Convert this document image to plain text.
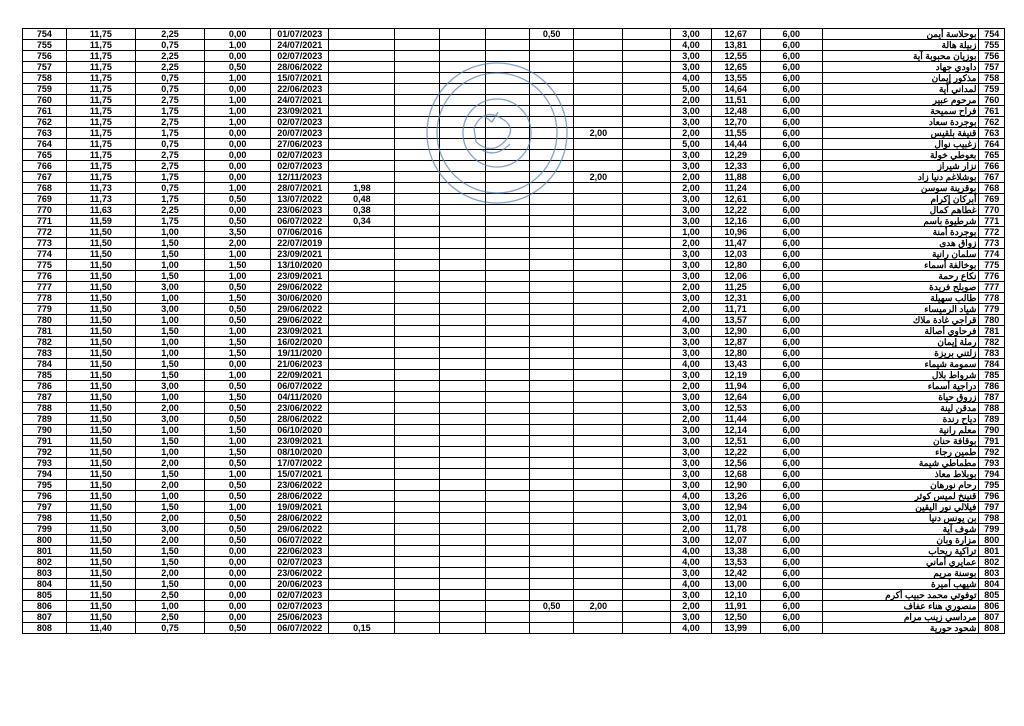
754	11,75	2,25	0,00	01/07/2023					0,50			3,00	12,67	6,00	بوحلاسة أيمن	754
755	11,75	0,75	1,00	24/07/2021								4,00	13,81	6,00	زبيلة هالة	755
756	11,75	2,25	0,00	02/07/2023								3,00	12,55	6,00	بوزيان محبوبة آية	756
757	11,75	2,25	0,50	28/06/2022								3,00	12,65	6,00	داودي جهاد	757
758	11,75	0,75	1,00	15/07/2021								4,00	13,55	6,00	مذكور إيمان	758
759	11,75	0,75	0,00	22/06/2023								5,00	14,64	6,00	لمداني آية	759
760	11,75	2,75	1,00	24/07/2021								2,00	11,51	6,00	مرحوم عبير	760
761	11,75	1,75	1,00	23/09/2021								3,00	12,48	6,00	فراح سميحة	761
762	11,75	2,75	1,00	02/07/2023								3,00	12,70	6,00	بوجردة سعاد	762
763	11,75	1,75	0,00	20/07/2023						2,00		2,00	11,55	6,00	قنيفة بلقيس	763
764	11,75	0,75	0,00	27/06/2023								5,00	14,44	6,00	زغبيب نوال	764
765	11,75	2,75	0,00	02/07/2023								3,00	12,29	6,00	بعوطي خولة	765
766	11,75	2,75	0,00	02/07/2023								3,00	12,33	6,00	نزار شيراز	766
767	11,75	1,75	0,00	12/11/2023						2,00		2,00	11,88	6,00	بوشلاغم دنيا زاد	767
768	11,73	0,75	1,00	28/07/2021	1,98							2,00	11,24	6,00	بوقرينة سوسن	768
769	11,73	1,75	0,50	13/07/2022	0,48							3,00	12,61	6,00	أبركان إكرام	769
770	11,63	2,25	0,00	23/06/2023	0,38							3,00	12,22	6,00	غطاهم كمال	770
771	11,59	1,75	0,50	06/07/2022	0,34							3,00	12,16	6,00	شرطيوة باسم	771
772	11,50	1,00	3,50	07/06/2016								1,00	10,96	6,00	بوجردة أمنة	772
773	11,50	1,50	2,00	22/07/2019								2,00	11,47	6,00	زواق هدى	773
774	11,50	1,50	1,00	23/09/2021								3,00	12,03	6,00	سلمان رانية	774
775	11,50	1,00	1,50	13/10/2020								3,00	12,80	6,00	بوخالفة أسماء	775
776	11,50	1,50	1,00	23/09/2021								3,00	12,06	6,00	نكاع رحمة	776
777	11,50	3,00	0,50	29/06/2022								2,00	11,25	6,00	صوبلح فريدة	777
778	11,50	1,00	1,50	30/06/2020								3,00	12,31	6,00	طالب سهيلة	778
779	11,50	3,00	0,50	29/06/2022								2,00	11,71	6,00	شياد الرميساء	779
780	11,50	1,00	0,50	29/06/2022								4,00	13,57	6,00	قراجي غادة ملاك	780
781	11,50	1,50	1,00	23/09/2021								3,00	12,90	6,00	فرحاوي أصالة	781
782	11,50	1,00	1,50	16/02/2020								3,00	12,87	6,00	رملة إيمان	782
783	11,50	1,00	1,50	19/11/2020								3,00	12,80	6,00	زلتني بريزة	783
784	11,50	1,50	0,00	21/06/2023								4,00	13,43	6,00	سمومة شيماء	784
785	11,50	1,50	1,00	22/09/2021								3,00	12,19	6,00	شرواط بلال	785
786	11,50	3,00	0,50	06/07/2022								2,00	11,94	6,00	دراجية أسماء	786
787	11,50	1,00	1,50	04/11/2020								3,00	12,64	6,00	زروق حياة	787
788	11,50	2,00	0,50	23/06/2022								3,00	12,53	6,00	مدقن لينة	788
789	11,50	3,00	0,50	28/06/2022								2,00	11,44	6,00	دياح رندة	789
790	11,50	1,00	1,50	06/10/2020								3,00	12,14	6,00	معلم رانية	790
791	11,50	1,50	1,00	23/09/2021								3,00	12,51	6,00	بوقافة حنان	791
792	11,50	1,00	1,50	08/10/2020								3,00	12,22	6,00	طمين رجاء	792
793	11,50	2,00	0,50	17/07/2022								3,00	12,56	6,00	مطماطي شيمة	793
794	11,50	1,50	1,00	15/07/2021								3,00	12,68	6,00	بوبلاط معاذ	794
795	11,50	2,00	0,50	23/06/2022								3,00	12,90	6,00	رحام نورهان	795
796	11,50	1,00	0,50	28/06/2022								4,00	13,26	6,00	قنينخ لميس كوثر	796
797	11,50	1,50	1,00	19/09/2021								3,00	12,94	6,00	فيلالي نور اليقين	797
798	11,50	2,00	0,50	28/06/2022								3,00	12,01	6,00	بن يونس دنيا	798
799	11,50	3,00	0,50	29/06/2022								2,00	11,78	6,00	شوف آية	799
800	11,50	2,00	0,50	06/07/2022								3,00	12,07	6,00	مزارة وبان	800
801	11,50	1,50	0,00	22/06/2023								4,00	13,38	6,00	تراكية ريحاب	801
802	11,50	1,50	0,00	02/07/2023								4,00	13,53	6,00	عمايري أماني	802
803	11,50	2,00	0,00	23/06/2022								3,00	12,42	6,00	بوسنة مريم	803
804	11,50	1,50	0,00	20/06/2023								4,00	13,00	6,00	شيهب أميرة	804
805	11,50	2,50	0,00	02/07/2023								3,00	12,10	6,00	توفوتي محمد حبيب أكرم	805
806	11,50	1,00	0,00	02/07/2023					0,50	2,00		2,00	11,91	6,00	منصوري هناء عفاف	806
807	11,50	2,50	0,00	25/06/2023								3,00	12,50	6,00	مرداسي زينب مرام	807
808	11,40	0,75	0,50	06/07/2022	0,15							4,00	13,99	6,00	شحود حورية	808
